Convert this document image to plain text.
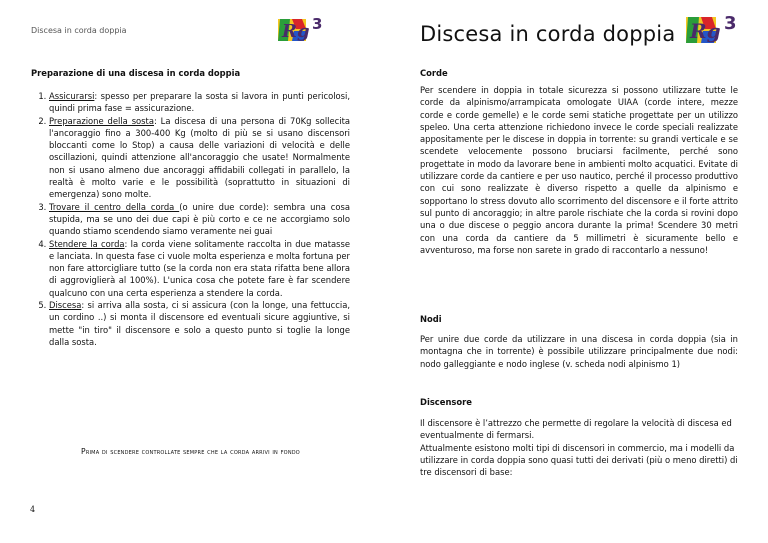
Discesa in corda doppia	Rg 3
Preparazione di una discesa in corda doppia
1. Assicurarsi: spesso per preparare la sosta si lavora in punti pericolosi, quindi prima fase = assicurazione.
2. Preparazione della sosta: La discesa di una persona di 70Kg sollecita l'ancoraggio fino a 300-400 Kg (molto di più se si usano discensori bloccanti come lo Stop) a causa delle variazioni di velocità e delle oscillazioni, quindi attenzione all'ancoraggio che usate! Normalmente non si usano almeno due ancoraggi affidabili collegati in parallelo, la realtà è molto varie e le possibilità (soprattutto in situazioni di emergenza) sono molte.
3. Trovare il centro della corda (o unire due corde): sembra una cosa stupida, ma se uno dei due capi è più corto e ce ne accorgiamo solo quando stiamo scendendo siamo veramente nei guai
4. Stendere la corda: la corda viene solitamente raccolta in due matasse e lanciata. In questa fase ci vuole molta esperienza e molta fortuna per non fare attorcigliare tutto (se la corda non era stata rifatta bene allora di aggroviglierà al 100%). L'unica cosa che potete fare è far scendere qualcuno con una certa esperienza a stendere la corda.
5. Discesa: si arriva alla sosta, ci si assicura (con la longe, una fettuccia, un cordino ..) si monta il discensore ed eventuali sicure aggiuntive, si mette "in tiro" il discensore e solo a questo punto si toglie la longe dalla sosta.
Prima di scendere controllate sempre che la corda arrivi in fondo
4
Discesa in corda doppia Rg 3
Corde

Per scendere in doppia in totale sicurezza si possono utilizzare tutte le corde da alpinismo/arrampicata omologate UIAA (corde intere, mezze corde e corde gemelle) e le corde semi statiche progettate per un utilizzo speleo. Una certa attenzione richiedono invece le corde speciali realizzate appositamente per le discese in doppia in torrente: su grandi verticale e se scendete velocemente possono bruciarsi facilmente, perché sono progettate in modo da lavorare bene in ambienti molto acquatici. Evitate di utilizzare corde da cantiere e per uso nautico, perché il processo produttivo con cui sono realizzate è diverso rispetto a quelle da alpinismo e sopportano lo stress dovuto allo scorrimento del discensore e il forte attrito sul punto di ancoraggio; in altre parole rischiate che la corda si rovini dopo una o due discese o peggio ancora durante la prima! Scendere 30 metri con una corda da cantiere da 5 millimetri è sicuramente bello e avventuroso, ma forse non sarete in grado di raccontarlo a nessuno!

Nodi

Per unire due corde da utilizzare in una discesa in corda doppia (sia in montagna che in torrente) è possibile utilizzare principalmente due nodi: nodo galleggiante e nodo inglese (v. scheda nodi alpinismo 1)

Discensore

Il discensore è l’attrezzo che permette di regolare la velocità di discesa ed eventualmente di fermarsi.

Attualmente esistono molti tipi di discensori in commercio, ma i modelli da utilizzare in corda doppia sono quasi tutti dei derivati (più o meno diretti) di tre discensori di base:
